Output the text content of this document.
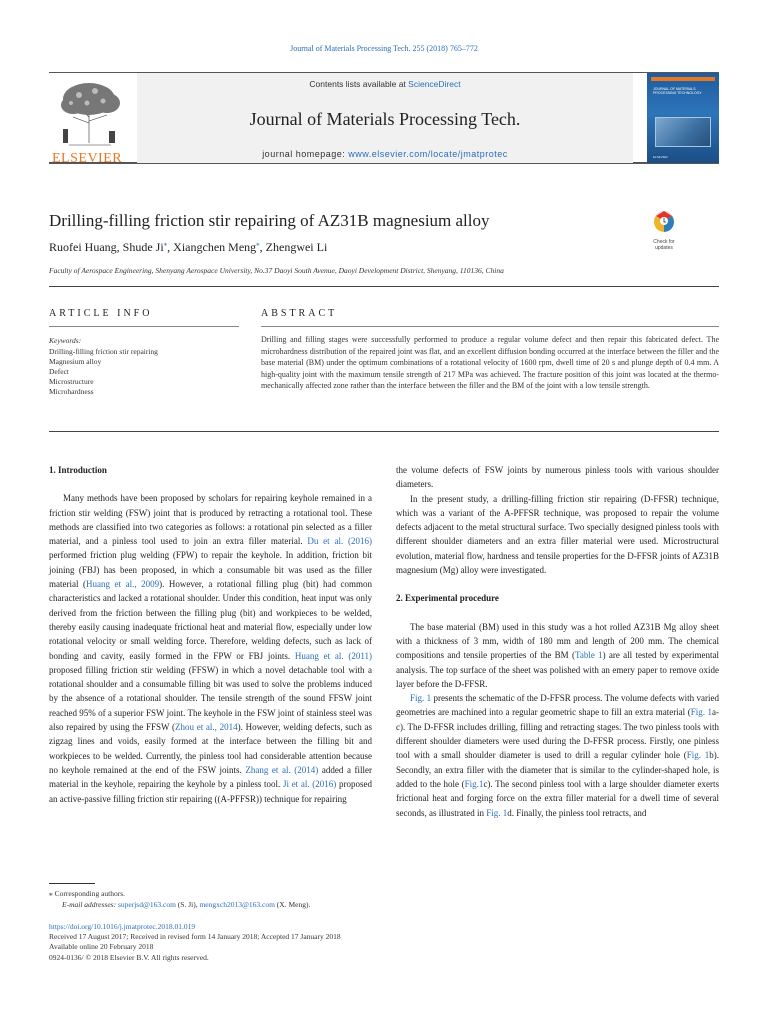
Journal of Materials Processing Tech. 255 (2018) 765–772
ELSEVIER
Contents lists available at ScienceDirect
Journal of Materials Processing Tech.
journal homepage: www.elsevier.com/locate/jmatprotec
JOURNAL OF MATERIALS PROCESSING TECHNOLOGY
ELSEVIER
Drilling-filling friction stir repairing of AZ31B magnesium alloy
Check for updates
Ruofei Huang, Shude Ji⁎, Xiangchen Meng⁎, Zhengwei Li
Faculty of Aerospace Engineering, Shenyang Aerospace University, No.37 Daoyi South Avenue, Daoyi Development District, Shenyang, 110136, China
ARTICLE INFO	ABSTRACT
Keywords:
Drilling-filling friction stir repairing
Magnesium alloy
Defect
Microstructure
Microhardness
Drilling and filling stages were successfully performed to produce a regular volume defect and then repair this fabricated defect. The microhardness distribution of the repaired joint was flat, and an excellent diffusion bonding occurred at the interface between the filler and the base material (BM) under the optimum combinations of a rotational velocity of 1600 rpm, dwell time of 20 s and plunge depth of 0.4 mm. A high-quality joint with the maximum tensile strength of 217 MPa was achieved. The fracture position of this joint was located at the thermo-mechanically affected zone rather than the interface between the filler and the BM of the joint with a low tensile strength.
1. Introduction

Many methods have been proposed by scholars for repairing keyhole remained in a friction stir welding (FSW) joint that is produced by retracting a rotational tool. These methods are classified into two categories as follows: a rotational pin selected as a filler material, and a pinless tool used to join an extra filler material. Du et al. (2016) performed friction plug welding (FPW) to repair the keyhole. In addition, friction bit joining (FBJ) has been proposed, in which a consumable bit was used as the filler material (Huang et al., 2009). However, a rotational filling plug (bit) had common characteristics and lacked a rotational shoulder. Under this condition, heat input was only derived from the friction between the filling plug (bit) and workpieces to be welded, thereby easily causing inadequate frictional heat and material flow, especially under low rotational velocity or small welding force. Therefore, welding defects, such as lack of bonding and cavity, easily formed in the FPW or FBJ joints. Huang et al. (2011) proposed filling friction stir welding (FFSW) in which a novel detachable tool with a rotational shoulder and a consumable filling bit was used to solve the problems induced by the absence of a rotational shoulder. The tensile strength of the sound FFSW joint reached 95% of a superior FSW joint. The keyhole in the FSW joint of stainless steel was also repaired by using the FFSW (Zhou et al., 2014). However, welding defects, such as zigzag lines and voids, easily formed at the interface between the filling bit and workpieces to be welded. Currently, the pinless tool had considerable attention because no keyhole remained at the end of the FSW joints. Zhang et al. (2014) added a filler material in the keyhole, repairing the keyhole by a pinless tool. Ji et al. (2016) proposed an active-passive filling friction stir repairing ((A-PFFSR)) technique for repairing

the volume defects of FSW joints by numerous pinless tools with various shoulder diameters.

In the present study, a drilling-filling friction stir repairing (D-FFSR) technique, which was a variant of the A-PFFSR technique, was proposed to repair the volume defects adjacent to the metal structural surface. Two specially designed pinless tools with different shoulder diameters and an extra filler material were used. Microstructural evolution, material flow, hardness and tensile properties for the D-FFSR joints of AZ31B magnesium (Mg) alloy were investigated.

2. Experimental procedure

The base material (BM) used in this study was a hot rolled AZ31B Mg alloy sheet with a thickness of 3 mm, width of 180 mm and length of 200 mm. The chemical compositions and tensile properties of the BM (Table 1) are all tested by experimental analysis. The top surface of the sheet was polished with an emery paper to remove oxide layer before the D-FFSR.

Fig. 1 presents the schematic of the D-FFSR process. The volume defects with varied geometries are machined into a regular geometric shape to fill an extra material (Fig. 1a-c). The D-FFSR includes drilling, filling and retracting stages. The two pinless tools with different shoulder diameters were used during the D-FFSR process. Firstly, one pinless tool with a small shoulder diameter is used to drill a regular cylinder hole (Fig. 1b). Secondly, an extra filler with the diameter that is similar to the cylinder-shaped hole, is added to the hole (Fig.1c). The second pinless tool with a large shoulder diameter exerts frictional heat and forging force on the extra filler material for a dwell time of several seconds, as illustrated in Fig. 1d. Finally, the pinless tool retracts, and

⁎ Corresponding authors.
E-mail addresses: superjsd@163.com (S. Ji), mengxch2013@163.com (X. Meng).
https://doi.org/10.1016/j.jmatprotec.2018.01.019
Received 17 August 2017; Received in revised form 14 January 2018; Accepted 17 January 2018
Available online 20 February 2018
0924-0136/ © 2018 Elsevier B.V. All rights reserved.
